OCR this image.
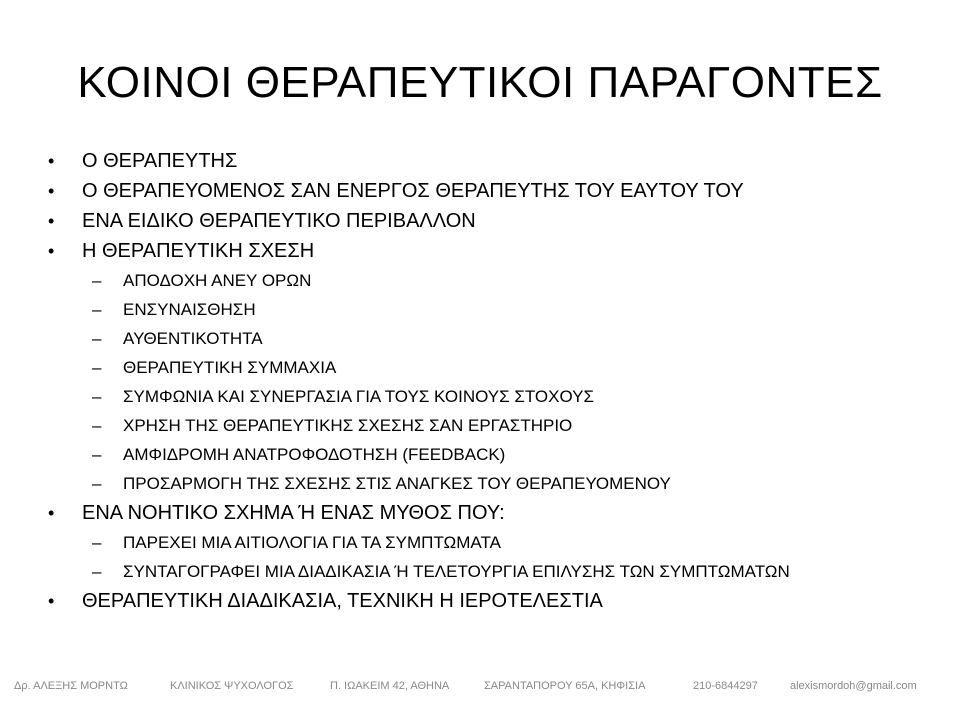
ΚΟΙΝΟΙ ΘΕΡΑΠΕΥΤΙΚΟΙ ΠΑΡΑΓΟΝΤΕΣ
•	Ο ΘΕΡΑΠΕΥΤΗΣ
•	Ο ΘΕΡΑΠΕΥΟΜΕΝΟΣ ΣΑΝ ΕΝΕΡΓΟΣ ΘΕΡΑΠΕΥΤΗΣ ΤΟΥ ΕΑΥΤΟΥ ΤΟΥ
•	ΕΝΑ ΕΙΔΙΚΟ ΘΕΡΑΠΕΥΤΙΚΟ ΠΕΡΙΒΑΛΛΟΝ
•	Η ΘΕΡΑΠΕΥΤΙΚΗ ΣΧΕΣΗ
–	ΑΠΟΔΟΧΗ ΑΝΕΥ ΟΡΩΝ
–	ΕΝΣΥΝΑΙΣΘΗΣΗ
–	ΑΥΘΕΝΤΙΚΟΤΗΤΑ
–	ΘΕΡΑΠΕΥΤΙΚΗ ΣΥΜΜΑΧΙΑ
–	ΣΥΜΦΩΝΙΑ ΚΑΙ ΣΥΝΕΡΓΑΣΙΑ ΓΙΑ ΤΟΥΣ ΚΟΙΝΟΥΣ ΣΤΟΧΟΥΣ
–	ΧΡΗΣΗ ΤΗΣ ΘΕΡΑΠΕΥΤΙΚΗΣ ΣΧΕΣΗΣ ΣΑΝ ΕΡΓΑΣΤΗΡΙΟ
–	ΑΜΦΙΔΡΟΜΗ ΑΝΑΤΡΟΦΟΔΟΤΗΣΗ (FEEDBACK)
–	ΠΡΟΣΑΡΜΟΓΗ ΤΗΣ ΣΧΕΣΗΣ ΣΤΙΣ ΑΝΑΓΚΕΣ ΤΟΥ ΘΕΡΑΠΕΥΟΜΕΝΟΥ
•	ΕΝΑ ΝΟΗΤΙΚΟ ΣΧΗΜΑ Ή ΕΝΑΣ ΜΥΘΟΣ ΠΟΥ:
–	ΠΑΡΕΧΕΙ ΜΙΑ ΑΙΤΙΟΛΟΓΙΑ ΓΙΑ ΤΑ ΣΥΜΠΤΩΜΑΤΑ
–	ΣΥΝΤΑΓΟΓΡΑΦΕΙ ΜΙΑ ΔΙΑΔΙΚΑΣΙΑ Ή ΤΕΛΕΤΟΥΡΓΙΑ ΕΠΙΛΥΣΗΣ ΤΩΝ ΣΥΜΠΤΩΜΑΤΩΝ
•	ΘΕΡΑΠΕΥΤΙΚΗ ΔΙΑΔΙΚΑΣΙΑ, ΤΕΧΝΙΚΗ Η ΙΕΡΟΤΕΛΕΣΤΙΑ
Δρ. ΑΛΕΞΗΣ ΜΟΡΝΤΩ	ΚΛΙΝΙΚΟΣ ΨΥΧΟΛΟΓΟΣ	Π. ΙΩΑΚΕΙΜ 42, ΑΘΗΝΑ	ΣΑΡΑΝΤΑΠΟΡΟΥ 65Α, ΚΗΦΙΣΙΑ	210-6844297	alexismordoh@gmail.com
